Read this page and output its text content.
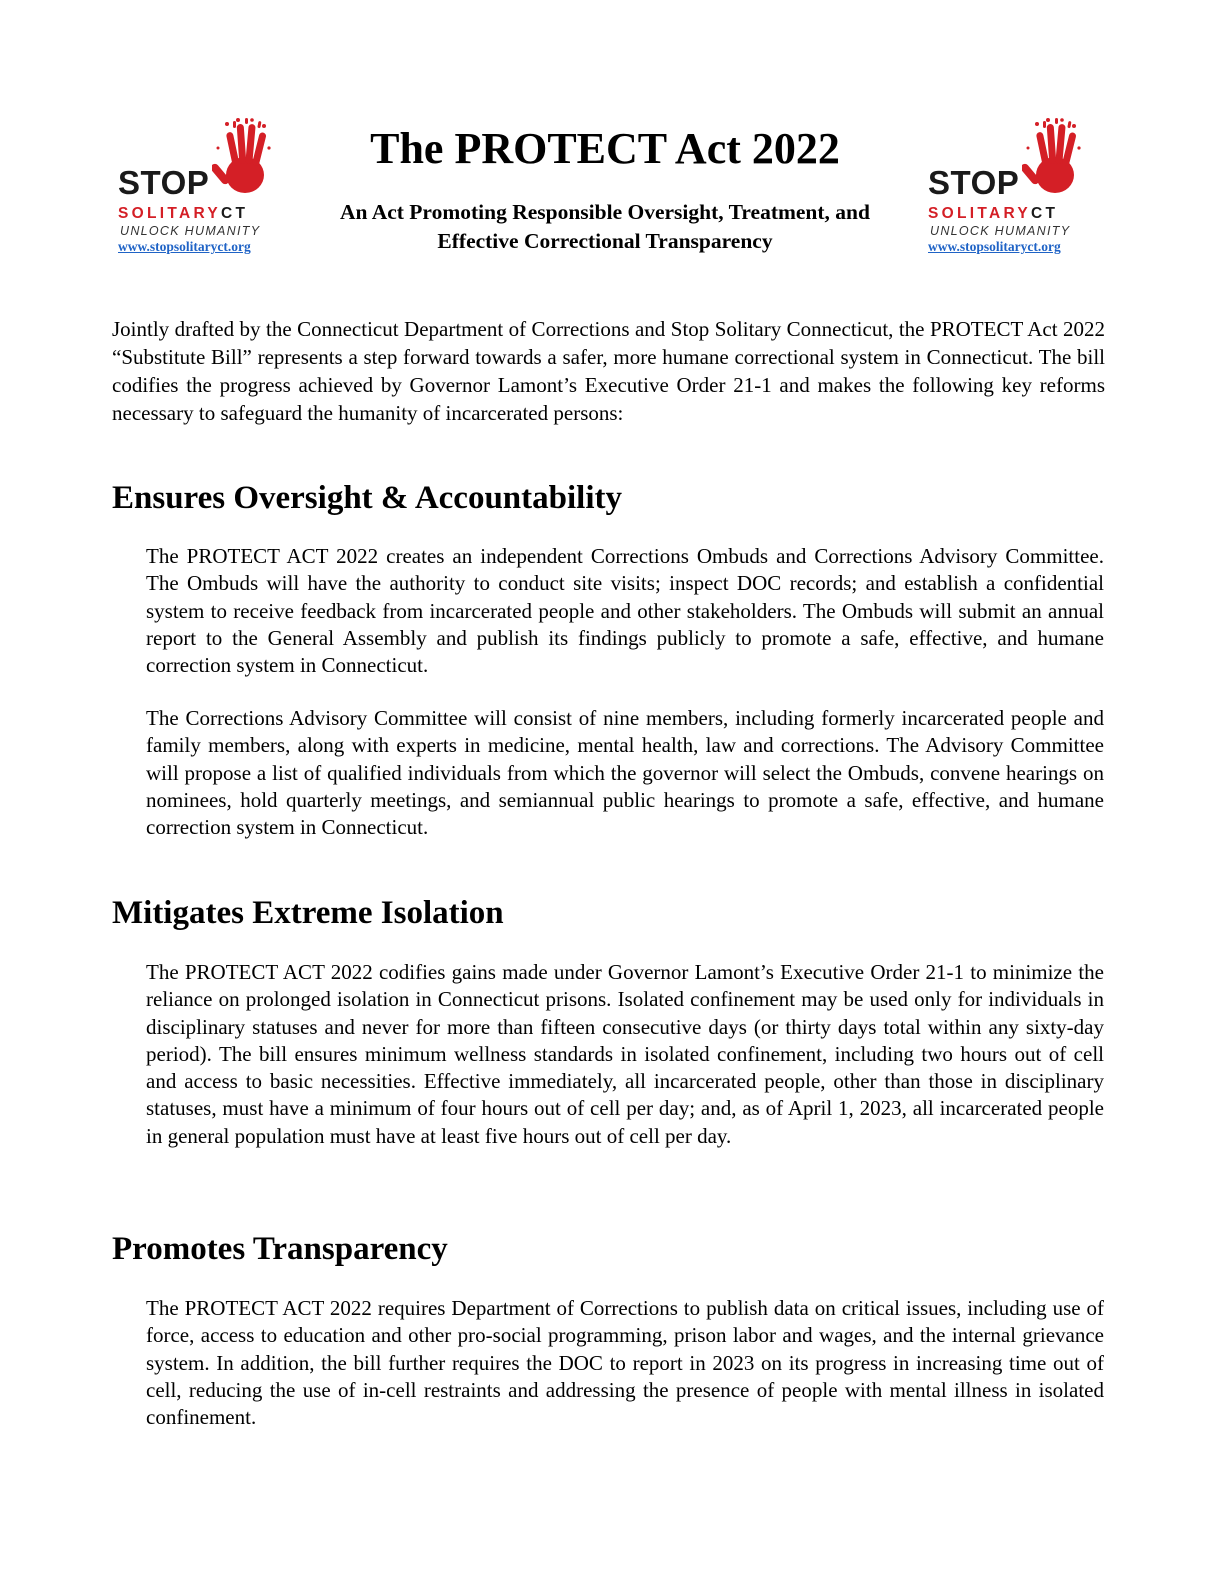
STOP
SOLITARYCT
UNLOCK HUMANITY
www.stopsolitaryct.org
The PROTECT Act 2022
An Act Promoting Responsible Oversight, Treatment, and
Effective Correctional Transparency
STOP
SOLITARYCT
UNLOCK HUMANITY
www.stopsolitaryct.org

Jointly drafted by the Connecticut Department of Corrections and Stop Solitary Connecticut, the PROTECT Act 2022 “Substitute Bill” represents a step forward towards a safer, more humane correctional system in Connecticut. The bill codifies the progress achieved by Governor Lamont’s Executive Order 21-1 and makes the following key reforms necessary to safeguard the humanity of incarcerated persons:

Ensures Oversight & Accountability

The PROTECT ACT 2022 creates an independent Corrections Ombuds and Corrections Advisory Committee. The Ombuds will have the authority to conduct site visits; inspect DOC records; and establish a confidential system to receive feedback from incarcerated people and other stakeholders. The Ombuds will submit an annual report to the General Assembly and publish its findings publicly to promote a safe, effective, and humane correction system in Connecticut.

The Corrections Advisory Committee will consist of nine members, including formerly incarcerated people and family members, along with experts in medicine, mental health, law and corrections. The Advisory Committee will propose a list of qualified individuals from which the governor will select the Ombuds, convene hearings on nominees, hold quarterly meetings, and semiannual public hearings to promote a safe, effective, and humane correction system in Connecticut.

Mitigates Extreme Isolation

The PROTECT ACT 2022 codifies gains made under Governor Lamont’s Executive Order 21-1 to minimize the reliance on prolonged isolation in Connecticut prisons. Isolated confinement may be used only for individuals in disciplinary statuses and never for more than fifteen consecutive days (or thirty days total within any sixty-day period). The bill ensures minimum wellness standards in isolated confinement, including two hours out of cell and access to basic necessities. Effective immediately, all incarcerated people, other than those in disciplinary statuses, must have a minimum of four hours out of cell per day; and, as of April 1, 2023, all incarcerated people in general population must have at least five hours out of cell per day.

Promotes Transparency

The PROTECT ACT 2022 requires Department of Corrections to publish data on critical issues, including use of force, access to education and other pro-social programming, prison labor and wages, and the internal grievance system. In addition, the bill further requires the DOC to report in 2023 on its progress in increasing time out of cell, reducing the use of in-cell restraints and addressing the presence of people with mental illness in isolated confinement.
